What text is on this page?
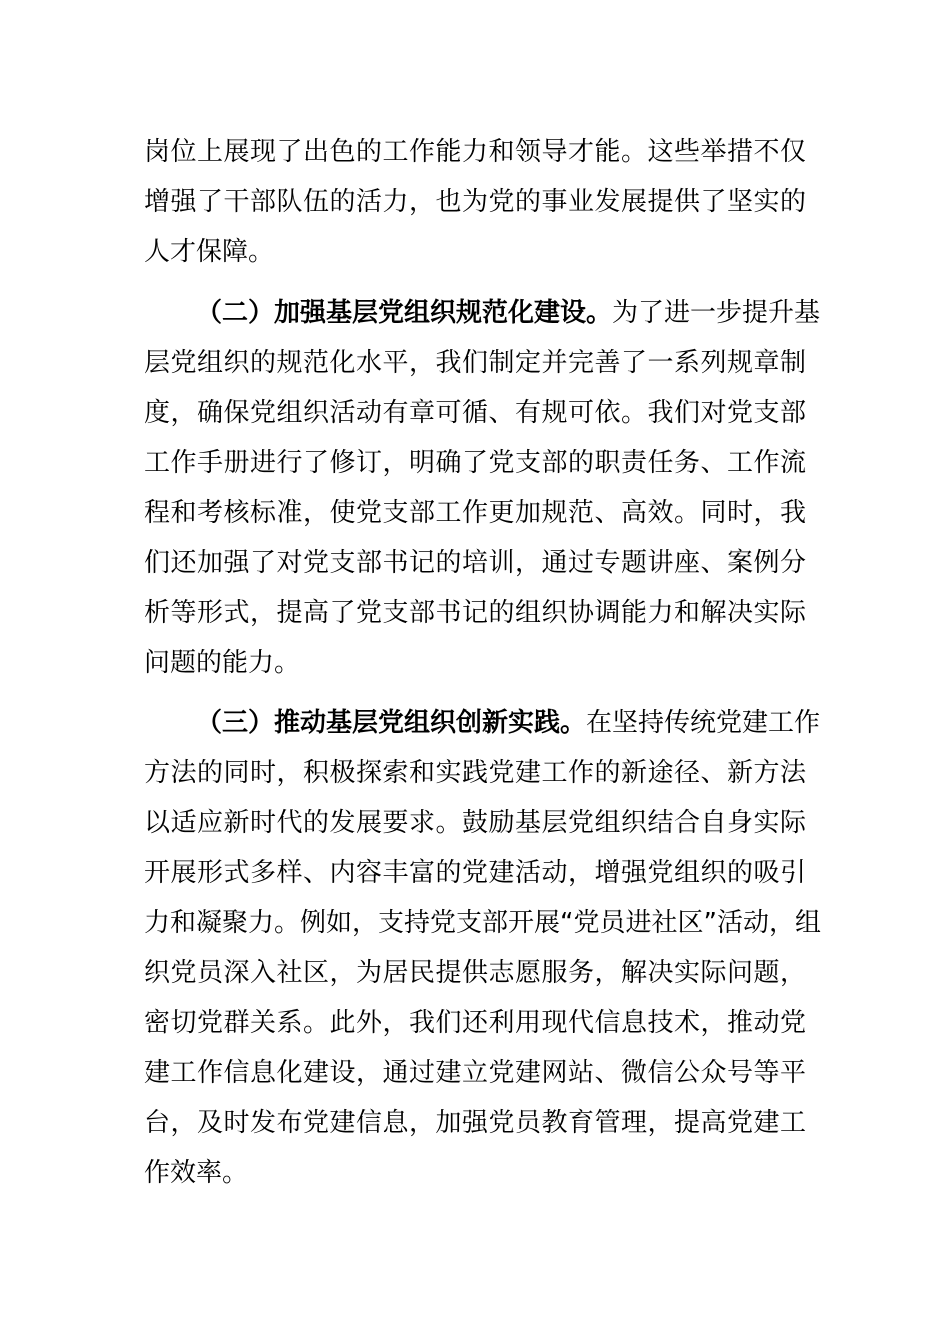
岗位上展现了出色的工作能力和领导才能。这些举措不仅
增强了干部队伍的活力，也为党的事业发展提供了坚实的
人才保障。
（二）加强基层党组织规范化建设。为了进一步提升基
层党组织的规范化水平，我们制定并完善了一系列规章制
度，确保党组织活动有章可循、有规可依。我们对党支部
工作手册进行了修订，明确了党支部的职责任务、工作流
程和考核标准，使党支部工作更加规范、高效。同时，我
们还加强了对党支部书记的培训，通过专题讲座、案例分
析等形式，提高了党支部书记的组织协调能力和解决实际
问题的能力。
（三）推动基层党组织创新实践。在坚持传统党建工作
方法的同时，积极探索和实践党建工作的新途径、新方法
以适应新时代的发展要求。鼓励基层党组织结合自身实际
开展形式多样、内容丰富的党建活动，增强党组织的吸引
力和凝聚力。例如，支持党支部开展“党员进社区”活动，组
织党员深入社区，为居民提供志愿服务，解决实际问题，
密切党群关系。此外，我们还利用现代信息技术，推动党
建工作信息化建设，通过建立党建网站、微信公众号等平
台，及时发布党建信息，加强党员教育管理，提高党建工
作效率。
